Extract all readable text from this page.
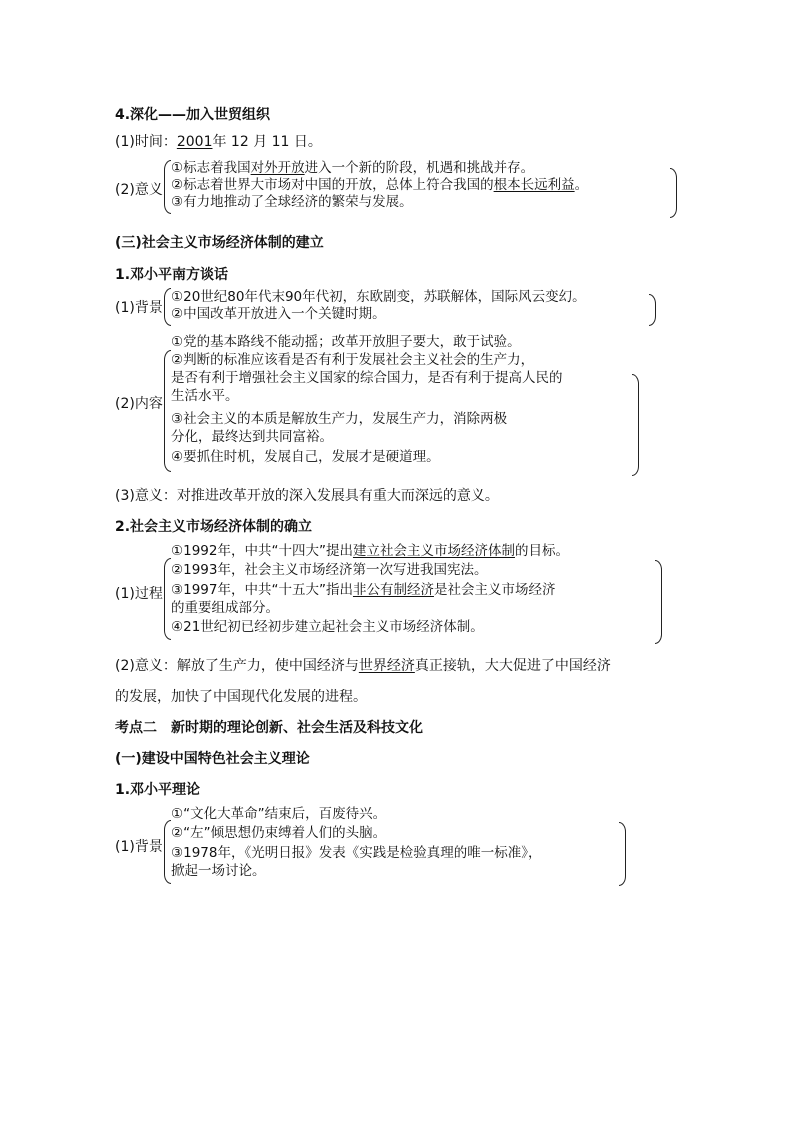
4.深化——加入世贸组织
(1)时间：2001年 12 月 11 日。
(2)意义
①标志着我国对外开放进入一个新的阶段，机遇和挑战并存。
②标志着世界大市场对中国的开放，总体上符合我国的根本长远利益。
③有力地推动了全球经济的繁荣与发展。
(三)社会主义市场经济体制的建立
1.邓小平南方谈话
(1)背景
①20世纪80年代末90年代初，东欧剧变，苏联解体，国际风云变幻。
②中国改革开放进入一个关键时期。
(2)内容
①党的基本路线不能动摇；改革开放胆子要大，敢于试验。
②判断的标准应该看是否有利于发展社会主义社会的生产力，
是否有利于增强社会主义国家的综合国力，是否有利于提高人民的
生活水平。
③社会主义的本质是解放生产力，发展生产力，消除两极
分化，最终达到共同富裕。
④要抓住时机，发展自己，发展才是硬道理。
(3)意义：对推进改革开放的深入发展具有重大而深远的意义。
2.社会主义市场经济体制的确立
(1)过程
①1992年，中共“十四大”提出建立社会主义市场经济体制的目标。
②1993年，社会主义市场经济第一次写进我国宪法。
③1997年，中共“十五大”指出非公有制经济是社会主义市场经济
的重要组成部分。
④21世纪初已经初步建立起社会主义市场经济体制。
(2)意义：解放了生产力，使中国经济与世界经济真正接轨，大大促进了中国经济
的发展，加快了中国现代化发展的进程。
考点二　新时期的理论创新、社会生活及科技文化
(一)建设中国特色社会主义理论
1.邓小平理论
(1)背景
①“文化大革命”结束后，百废待兴。
②“左”倾思想仍束缚着人们的头脑。
③1978年，《光明日报》发表《实践是检验真理的唯一标准》，
掀起一场讨论。
